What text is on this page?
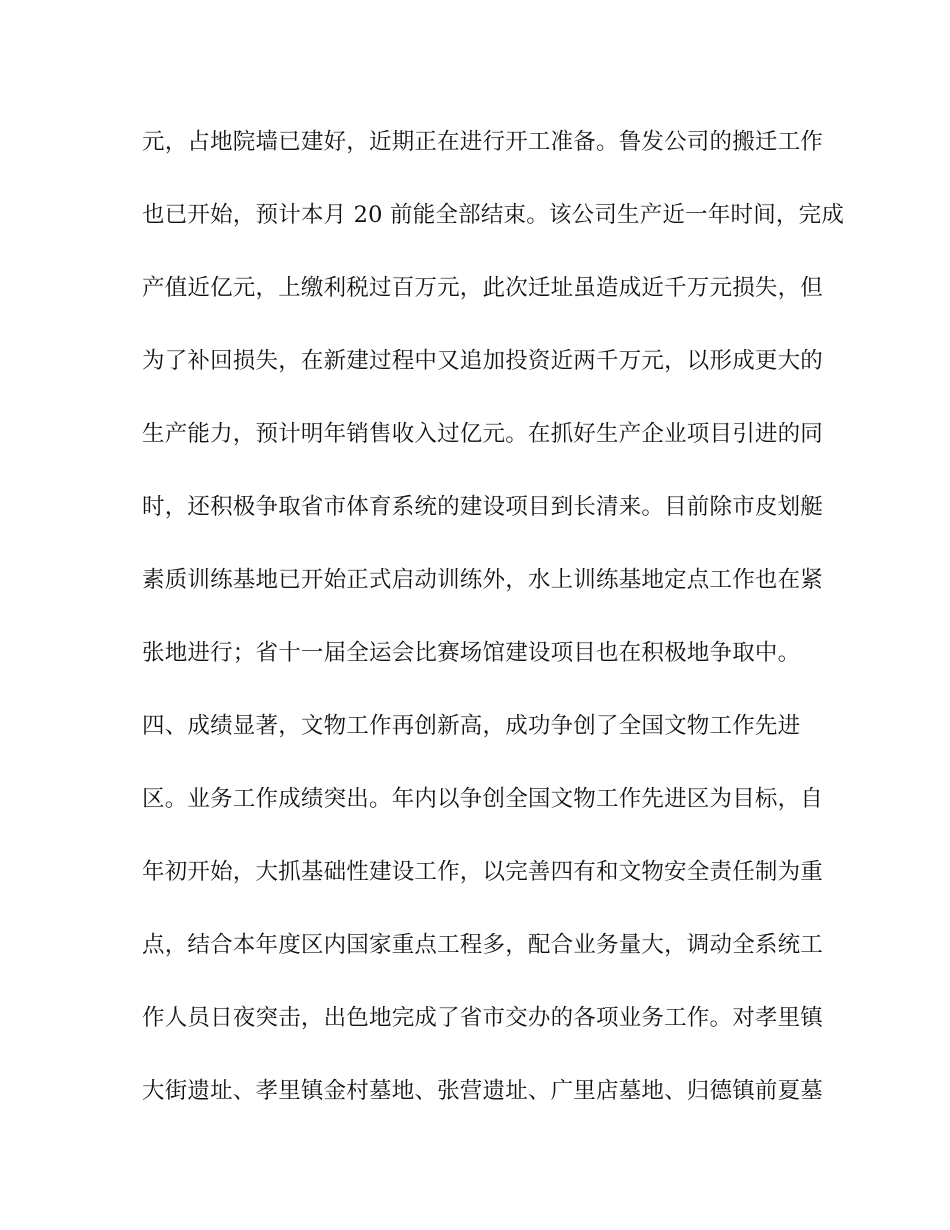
元，占地院墙已建好，近期正在进行开工准备。鲁发公司的搬迁工作
也已开始，预计本月 20 前能全部结束。该公司生产近一年时间，完成
产值近亿元，上缴利税过百万元，此次迁址虽造成近千万元损失，但
为了补回损失，在新建过程中又追加投资近两千万元，以形成更大的
生产能力，预计明年销售收入过亿元。在抓好生产企业项目引进的同
时，还积极争取省市体育系统的建设项目到长清来。目前除市皮划艇
素质训练基地已开始正式启动训练外，水上训练基地定点工作也在紧
张地进行；省十一届全运会比赛场馆建设项目也在积极地争取中。
四、成绩显著，文物工作再创新高，成功争创了全国文物工作先进
区。业务工作成绩突出。年内以争创全国文物工作先进区为目标，自
年初开始，大抓基础性建设工作，以完善四有和文物安全责任制为重
点，结合本年度区内国家重点工程多，配合业务量大，调动全系统工
作人员日夜突击，出色地完成了省市交办的各项业务工作。对孝里镇
大街遗址、孝里镇金村墓地、张营遗址、广里店墓地、归德镇前夏墓
